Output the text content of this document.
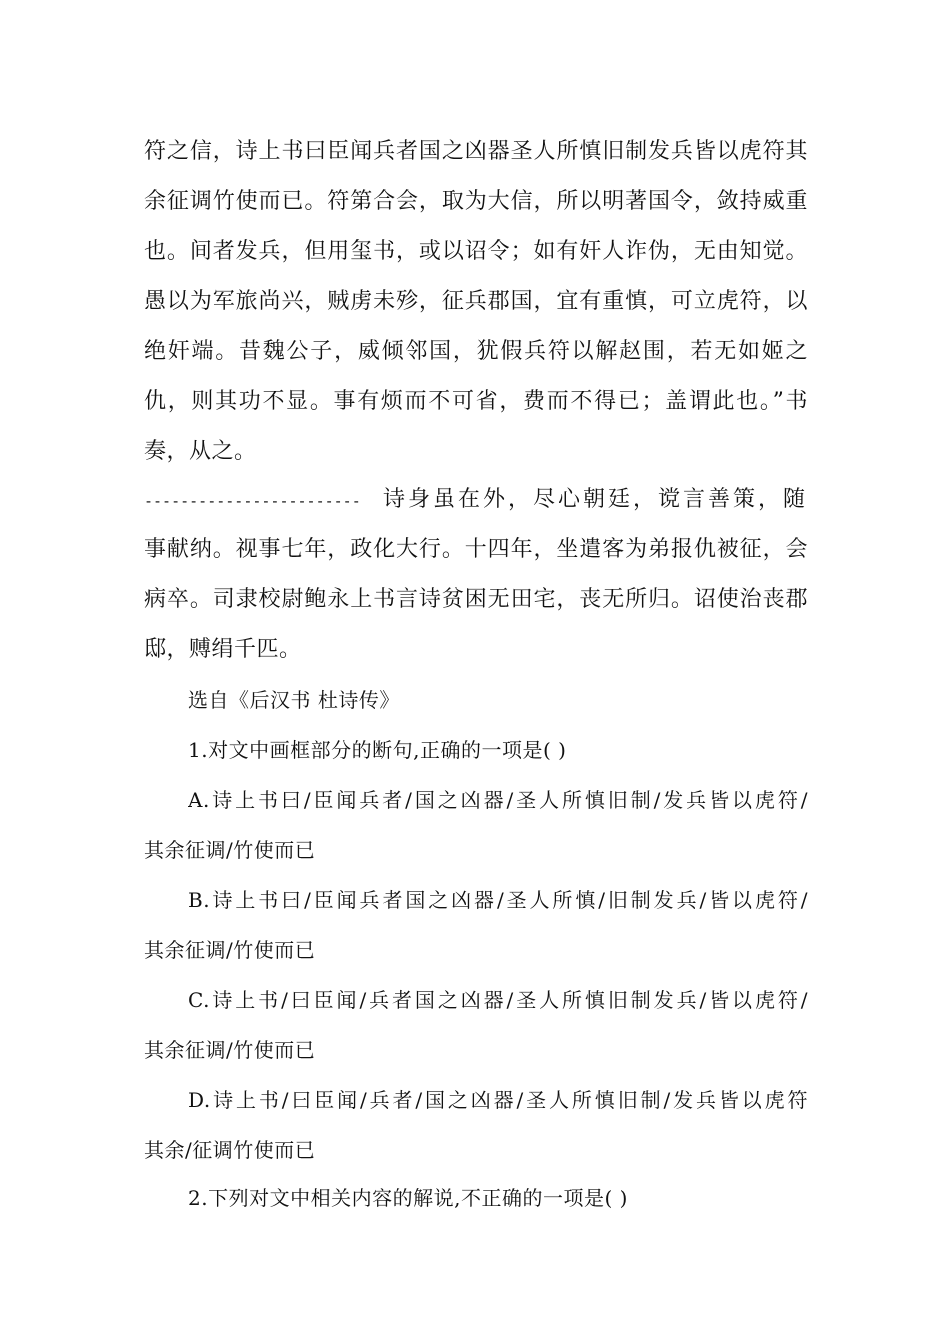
符之信，诗上书曰臣闻兵者国之凶器圣人所慎旧制发兵皆以虎符其
余征调竹使而已。符第合会，取为大信，所以明著国令，敛持威重
也。间者发兵，但用玺书，或以诏令；如有奸人诈伪，无由知觉。
愚以为军旅尚兴，贼虏未殄，征兵郡国，宜有重慎，可立虎符，以
绝奸端。昔魏公子，威倾邻国，犹假兵符以解赵围，若无如姬之
仇，则其功不显。事有烦而不可省，费而不得已；盖谓此也。”书
奏，从之。
------------------------ 诗身虽在外，尽心朝廷，谠言善策，随
事献纳。视事七年，政化大行。十四年，坐遣客为弟报仇被征，会
病卒。司隶校尉鲍永上书言诗贫困无田宅，丧无所归。诏使治丧郡
邸，赙绢千匹。
选自《后汉书 杜诗传》
1.对文中画框部分的断句,正确的一项是( )
A.诗上书曰/臣闻兵者/国之凶器/圣人所慎旧制/发兵皆以虎符/
其余征调/竹使而已
B.诗上书曰/臣闻兵者国之凶器/圣人所慎/旧制发兵/皆以虎符/
其余征调/竹使而已
C.诗上书/曰臣闻/兵者国之凶器/圣人所慎旧制发兵/皆以虎符/
其余征调/竹使而已
D.诗上书/曰臣闻/兵者/国之凶器/圣人所慎旧制/发兵皆以虎符
其余/征调竹使而已
2.下列对文中相关内容的解说,不正确的一项是( )
